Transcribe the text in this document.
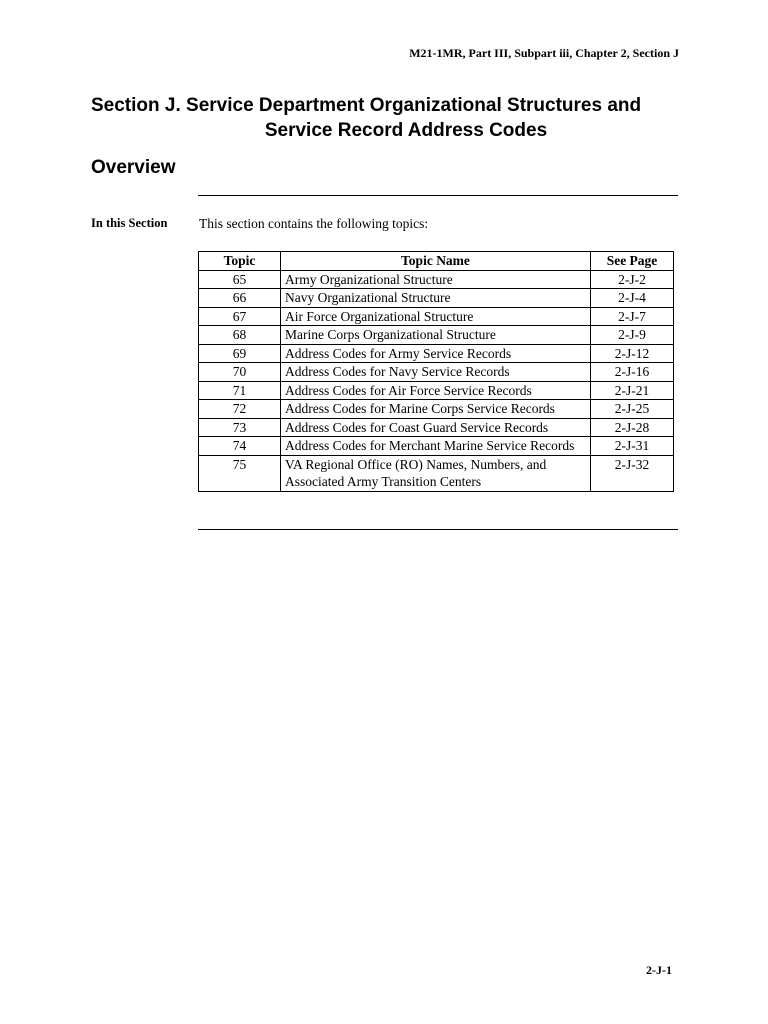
M21-1MR, Part III, Subpart iii, Chapter 2, Section J
Section J. Service Department Organizational Structures and
Service Record Address Codes
Overview
In this Section This section contains the following topics:
Topic	Topic Name	See Page
65	Army Organizational Structure	2-J-2
66	Navy Organizational Structure	2-J-4
67	Air Force Organizational Structure	2-J-7
68	Marine Corps Organizational Structure	2-J-9
69	Address Codes for Army Service Records	2-J-12
70	Address Codes for Navy Service Records	2-J-16
71	Address Codes for Air Force Service Records	2-J-21
72	Address Codes for Marine Corps Service Records	2-J-25
73	Address Codes for Coast Guard Service Records	2-J-28
74	Address Codes for Merchant Marine Service Records	2-J-31
75	VA Regional Office (RO) Names, Numbers, and Associated Army Transition Centers	2-J-32
2-J-1
